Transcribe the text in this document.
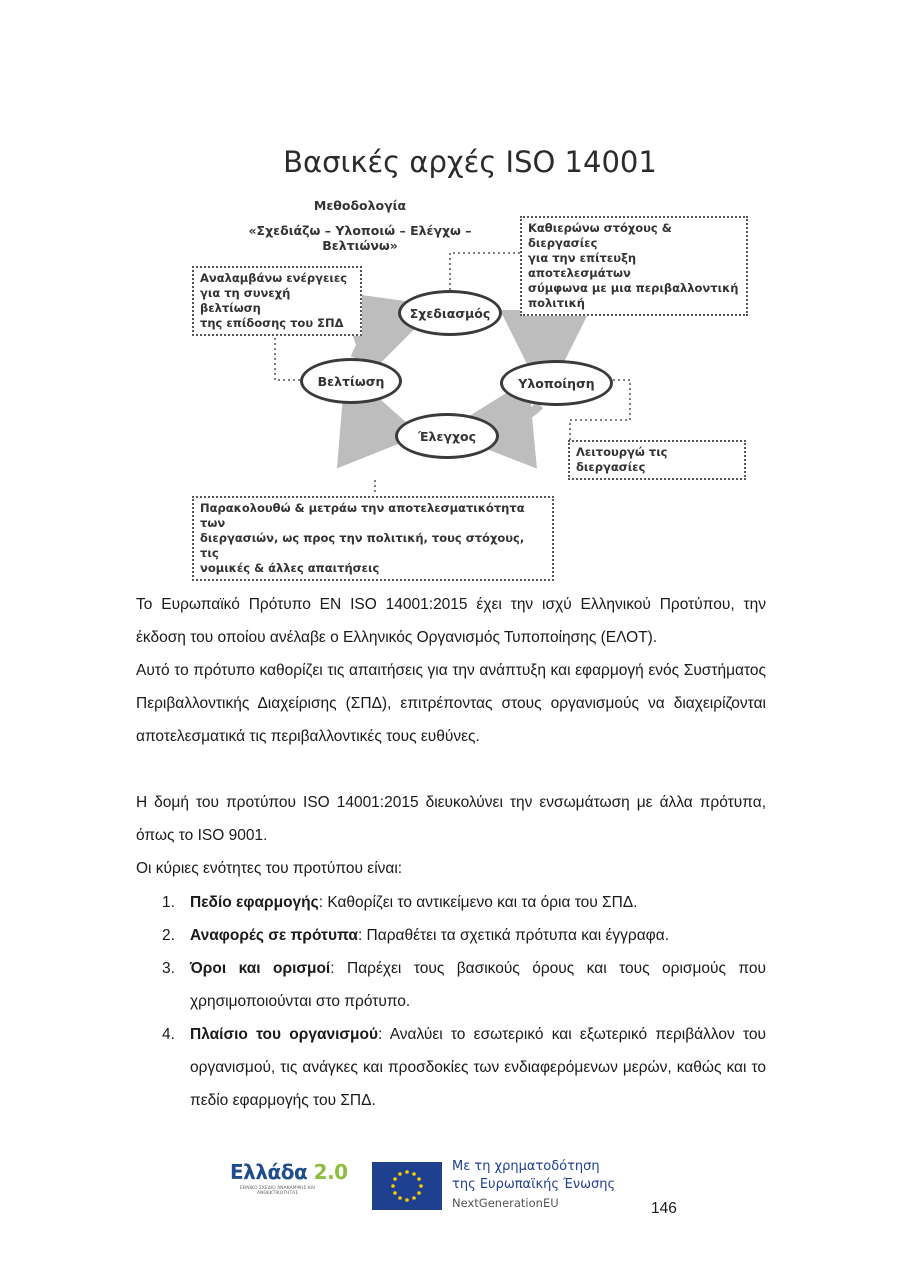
Βασικές αρχές ISO 14001
Μεθοδολογία
«Σχεδιάζω – Υλοποιώ – Ελέγχω – Βελτιώνω»
Αναλαμβάνω ενέργειες
για τη συνεχή βελτίωση
της επίδοσης του ΣΠΔ
Καθιερώνω στόχους & διεργασίες
για την επίτευξη αποτελεσμάτων
σύμφωνα με μια περιβαλλοντική
πολιτική
Λειτουργώ τις διεργασίες
Παρακολουθώ & μετράω την αποτελεσματικότητα των
διεργασιών, ως προς την πολιτική, τους στόχους, τις
νομικές & άλλες απαιτήσεις
Σχεδιασμός
Υλοποίηση
Έλεγχος
Βελτίωση

Το Ευρωπαϊκό Πρότυπο EN ISO 14001:2015 έχει την ισχύ Ελληνικού Προτύπου, την έκδοση του οποίου ανέλαβε ο Ελληνικός Οργανισμός Τυποποίησης (ΕΛΟΤ).

Αυτό το πρότυπο καθορίζει τις απαιτήσεις για την ανάπτυξη και εφαρμογή ενός Συστήματος Περιβαλλοντικής Διαχείρισης (ΣΠΔ), επιτρέποντας στους οργανισμούς να διαχειρίζονται αποτελεσματικά τις περιβαλλοντικές τους ευθύνες.

Η δομή του προτύπου ISO 14001:2015 διευκολύνει την ενσωμάτωση με άλλα πρότυπα, όπως το ISO 9001.

Οι κύριες ενότητες του προτύπου είναι:

1. Πεδίο εφαρμογής: Καθορίζει το αντικείμενο και τα όρια του ΣΠΔ.
2. Αναφορές σε πρότυπα: Παραθέτει τα σχετικά πρότυπα και έγγραφα.
3. Όροι και ορισμοί: Παρέχει τους βασικούς όρους και τους ορισμούς που χρησιμοποιούνται στο πρότυπο.
4. Πλαίσιο του οργανισμού: Αναλύει το εσωτερικό και εξωτερικό περιβάλλον του οργανισμού, τις ανάγκες και προσδοκίες των ενδιαφερόμενων μερών, καθώς και το πεδίο εφαρμογής του ΣΠΔ.
Ελλάδα 2.0
ΕΘΝΙΚΟ ΣΧΕΔΙΟ ΑΝΑΚΑΜΨΗΣ ΚΑΙ ΑΝΘΕΚΤΙΚΟΤΗΤΑΣ
Με τη χρηματοδότηση
της Ευρωπαϊκής Ένωσης
NextGenerationEU	146
